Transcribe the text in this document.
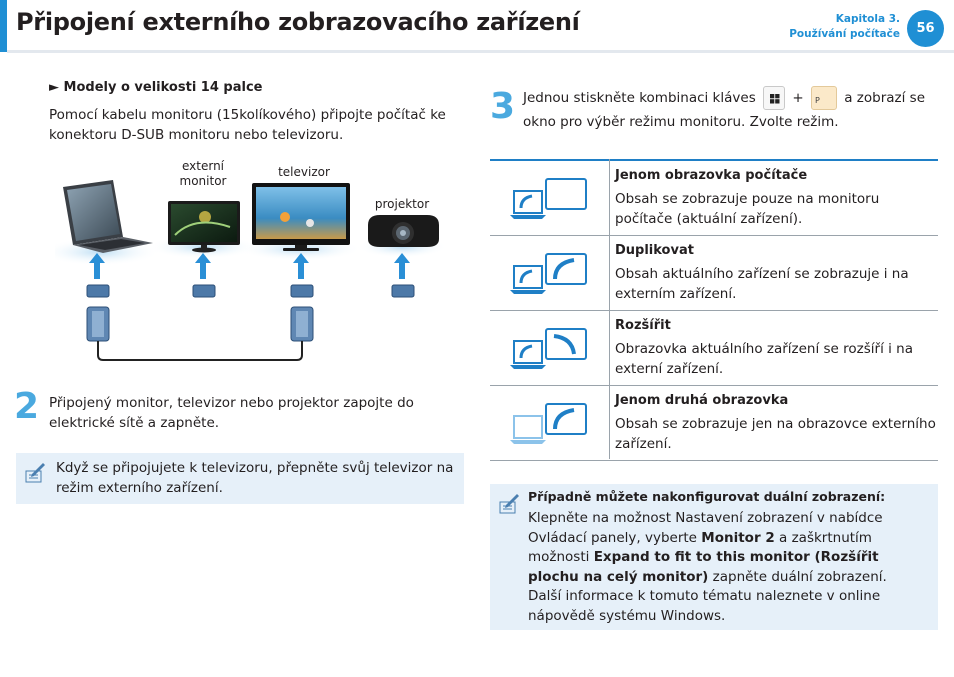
Připojení externího zobrazovacího zařízení	Kapitola 3.
Používání počítače	56
► Modely o velikosti 14 palce
Pomocí kabelu monitoru (15kolíkového) připojte počítač ke konektoru D-SUB monitoru nebo televizoru.
externí
monitor
televizor
projektor
2 Připojený monitor, televizor nebo projektor zapojte do elektrické sítě a zapněte.
Když se připojujete k televizoru, přepněte svůj televizor na režim externího zařízení.
3 Jednou stiskněte kombinaci kláves	+ P a zobrazí se
okno pro výběr režimu monitoru. Zvolte režim.
Jenom obrazovka počítače
Obsah se zobrazuje pouze na monitoru počítače (aktuální zařízení).
Duplikovat
Obsah aktuálního zařízení se zobrazuje i na externím zařízení.
Rozšířit
Obrazovka aktuálního zařízení se rozšíří i na externí zařízení.
Jenom druhá obrazovka
Obsah se zobrazuje jen na obrazovce externího zařízení.
Případně můžete nakonfigurovat duální zobrazení:
Klepněte na možnost Nastavení zobrazení v nabídce Ovládací panely, vyberte Monitor 2 a zaškrtnutím možnosti Expand to fit to this monitor (Rozšířit plochu na celý monitor) zapněte duální zobrazení.
Další informace k tomuto tématu naleznete v online nápovědě systému Windows.
